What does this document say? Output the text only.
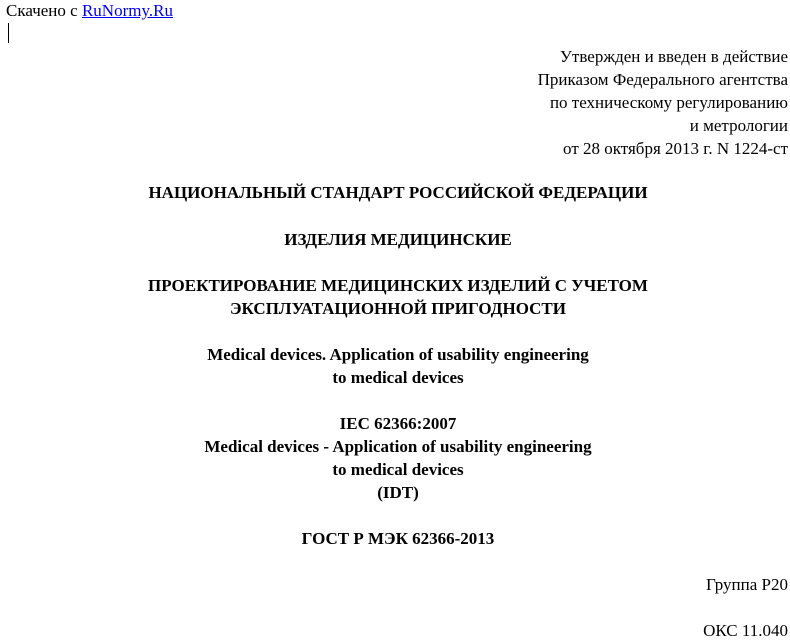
Скачено с RuNormy.Ru
Утвержден и введен в действие
Приказом Федерального агентства
по техническому регулированию
и метрологии
от 28 октября 2013 г. N 1224-ст
НАЦИОНАЛЬНЫЙ СТАНДАРТ РОССИЙСКОЙ ФЕДЕРАЦИИ
ИЗДЕЛИЯ МЕДИЦИНСКИЕ
ПРОЕКТИРОВАНИЕ МЕДИЦИНСКИХ ИЗДЕЛИЙ С УЧЕТОМ
ЭКСПЛУАТАЦИОННОЙ ПРИГОДНОСТИ
Medical devices. Application of usability engineering
to medical devices
IEC 62366:2007
Medical devices - Application of usability engineering
to medical devices
(IDT)
ГОСТ Р МЭК 62366-2013
Группа Р20
ОКС 11.040
